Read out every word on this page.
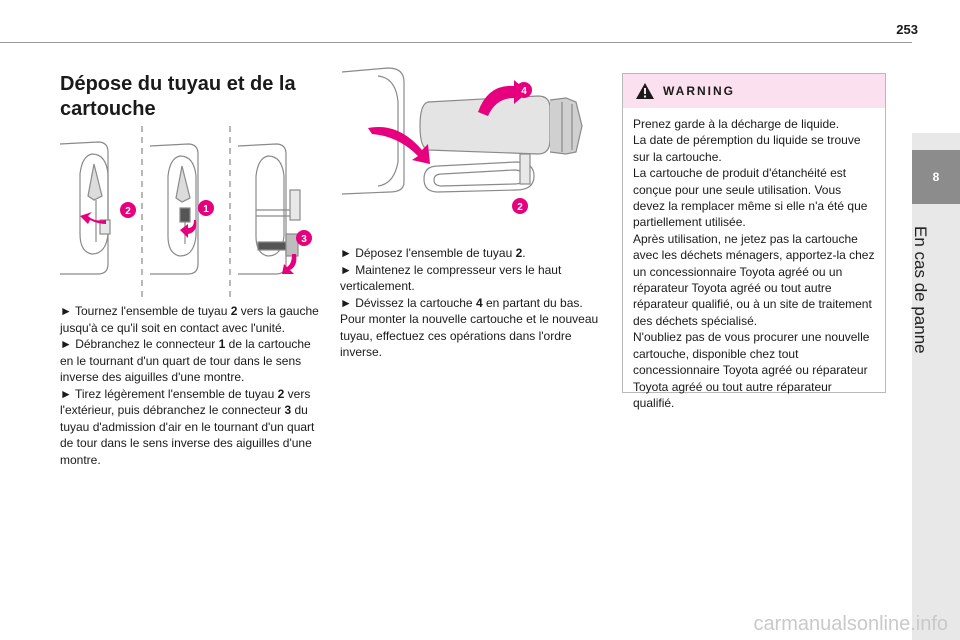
253
8
En cas de panne
Dépose du tuyau et de la cartouche
2	1
3
4
2

► Tournez l'ensemble de tuyau 2 vers la gauche jusqu'à ce qu'il soit en contact avec l'unité.

► Débranchez le connecteur 1 de la cartouche en le tournant d'un quart de tour dans le sens inverse des aiguilles d'une montre.

► Tirez légèrement l'ensemble de tuyau 2 vers l'extérieur, puis débranchez le connecteur 3 du tuyau d'admission d'air en le tournant d'un quart de tour dans le sens inverse des aiguilles d'une montre.

► Déposez l'ensemble de tuyau 2.

► Maintenez le compresseur vers le haut verticalement.

► Dévissez la cartouche 4 en partant du bas.

Pour monter la nouvelle cartouche et le nouveau tuyau, effectuez ces opérations dans l'ordre inverse.

WARNING
Prenez garde à la décharge de liquide.
La date de péremption du liquide se trouve sur la cartouche.
La cartouche de produit d'étanchéité est conçue pour une seule utilisation. Vous devez la remplacer même si elle n'a été que partiellement utilisée.
Après utilisation, ne jetez pas la cartouche avec les déchets ménagers, apportez-la chez un concessionnaire Toyota agréé ou un réparateur Toyota agréé ou tout autre réparateur qualifié, ou à un site de traitement des déchets spécialisé.
N'oubliez pas de vous procurer une nouvelle cartouche, disponible chez tout concessionnaire Toyota agréé ou réparateur Toyota agréé ou tout autre réparateur qualifié.
carmanualsonline.info
